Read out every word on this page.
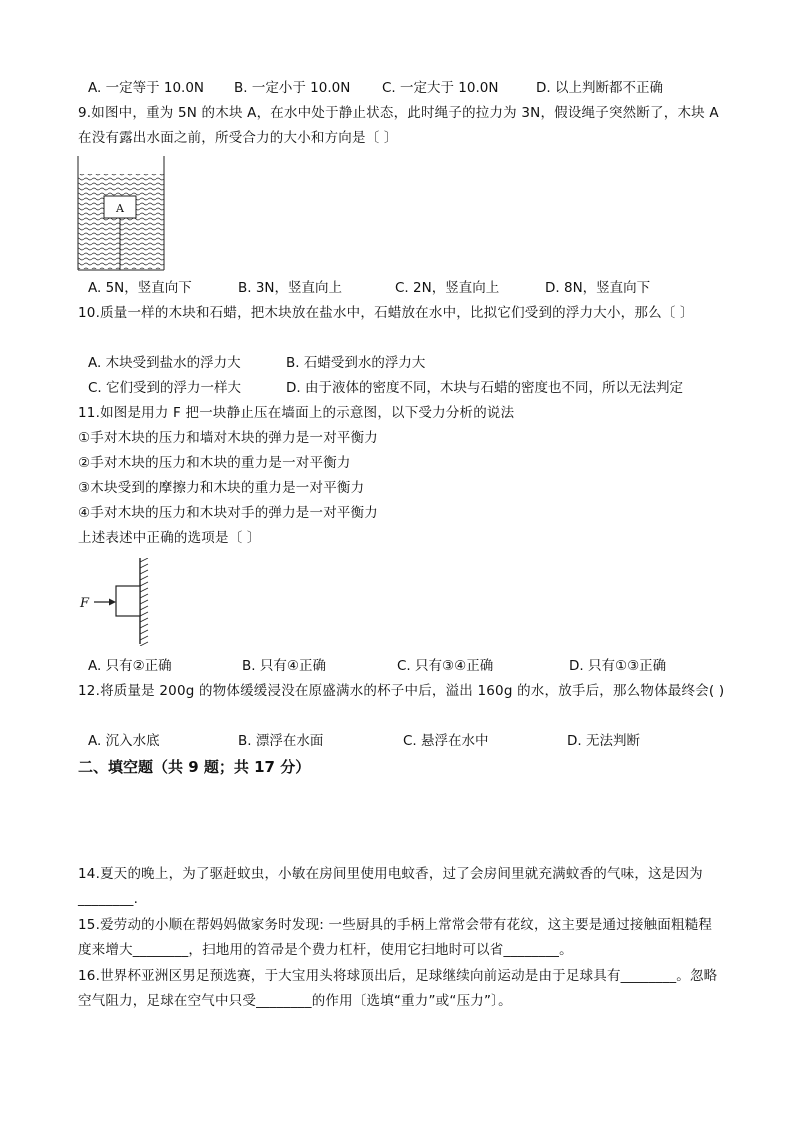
A. 一定等于 10.0N B. 一定小于 10.0N C. 一定大于 10.0N	D. 以上判断都不正确
9.如图中，重为 5N 的木块 A，在水中处于静止状态，此时绳子的拉力为 3N，假设绳子突然断了，木块 A
在没有露出水面之前，所受合力的大小和方向是〔 〕
A
A. 5N，竖直向下	B. 3N，竖直向上	C. 2N，竖直向上	D. 8N，竖直向下
10.质量一样的木块和石蜡，把木块放在盐水中，石蜡放在水中，比拟它们受到的浮力大小，那么〔 〕
A. 木块受到盐水的浮力大	B. 石蜡受到水的浮力大
C. 它们受到的浮力一样大	D. 由于液体的密度不同，木块与石蜡的密度也不同，所以无法判定
11.如图是用力 F 把一块静止压在墙面上的示意图，以下受力分析的说法
①手对木块的压力和墙对木块的弹力是一对平衡力
②手对木块的压力和木块的重力是一对平衡力
③木块受到的摩擦力和木块的重力是一对平衡力
④手对木块的压力和木块对手的弹力是一对平衡力
上述表述中正确的选项是〔 〕
F
A. 只有②正确	B. 只有④正确	C. 只有③④正确	D. 只有①③正确
12.将质量是 200g 的物体缓缓浸没在原盛满水的杯子中后，溢出 160g 的水，放手后，那么物体最终会( )
A. 沉入水底	B. 漂浮在水面	C. 悬浮在水中	D. 无法判断
二、填空题（共 9 题；共 17 分）
14.夏天的晚上，为了驱赶蚊虫，小敏在房间里使用电蚊香，过了会房间里就充满蚊香的气味，这是因为
________.
15.爱劳动的小顺在帮妈妈做家务时发现: 一些厨具的手柄上常常会带有花纹，这主要是通过接触面粗糙程
度来增大________，扫地用的笤帚是个费力杠杆，使用它扫地时可以省________。
16.世界杯亚洲区男足预选赛，于大宝用头将球顶出后，足球继续向前运动是由于足球具有________。忽略
空气阻力，足球在空气中只受________的作用〔选填“重力”或“压力”〕。
